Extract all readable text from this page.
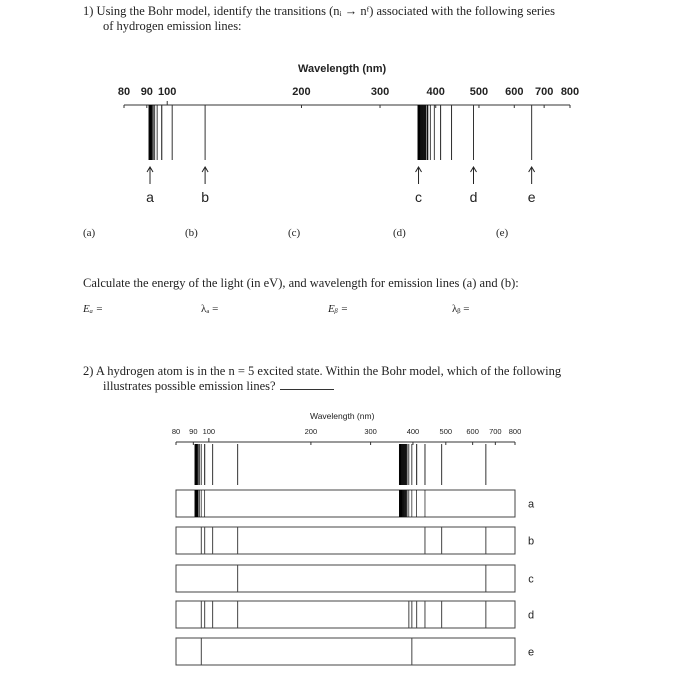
1) Using the Bohr model, identify the transitions (nᵢ → nᶠ) associated with the following series
of hydrogen emission lines:
Wavelength (nm)
(a)	(b)	(c)	(d)	(e)
Calculate the energy of the light (in eV), and wavelength for emission lines (a) and (b):
Eₐ =	λₐ =	Eᵦ =	λᵦ =
2) A hydrogen atom is in the n = 5 excited state. Within the Bohr model, which of the following
illustrates possible emission lines?
Wavelength (nm)
80 90 100	200	300	400 500 600 700 800
a	b	c	d	e
80 90 100	200	300	400	500 600 700 800
a
b
c
d
e
